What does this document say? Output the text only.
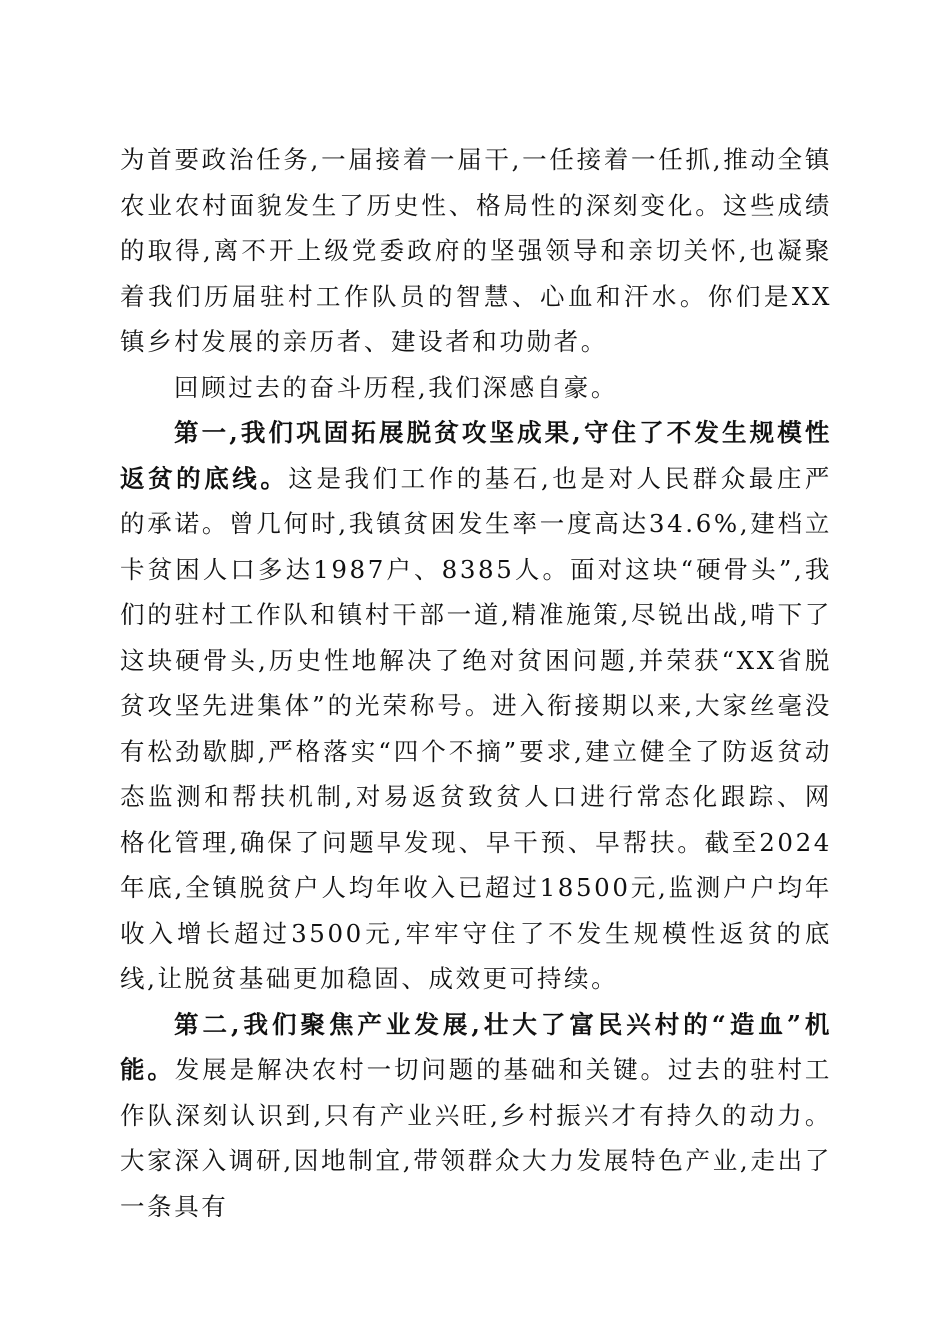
为首要政治任务,一届接着一届干,一任接着一任抓,推动全镇农业农村面貌发生了历史性、格局性的深刻变化。这些成绩的取得,离不开上级党委政府的坚强领导和亲切关怀,也凝聚着我们历届驻村工作队员的智慧、心血和汗水。你们是XX镇乡村发展的亲历者、建设者和功勋者。

回顾过去的奋斗历程,我们深感自豪。

第一,我们巩固拓展脱贫攻坚成果,守住了不发生规模性返贫的底线。这是我们工作的基石,也是对人民群众最庄严的承诺。曾几何时,我镇贫困发生率一度高达34.6%,建档立卡贫困人口多达1987户、8385人。面对这块“硬骨头”,我们的驻村工作队和镇村干部一道,精准施策,尽锐出战,啃下了这块硬骨头,历史性地解决了绝对贫困问题,并荣获“XX省脱贫攻坚先进集体”的光荣称号。进入衔接期以来,大家丝毫没有松劲歇脚,严格落实“四个不摘”要求,建立健全了防返贫动态监测和帮扶机制,对易返贫致贫人口进行常态化跟踪、网格化管理,确保了问题早发现、早干预、早帮扶。截至2024年底,全镇脱贫户人均年收入已超过18500元,监测户户均年收入增长超过3500元,牢牢守住了不发生规模性返贫的底线,让脱贫基础更加稳固、成效更可持续。

第二,我们聚焦产业发展,壮大了富民兴村的“造血”机能。发展是解决农村一切问题的基础和关键。过去的驻村工作队深刻认识到,只有产业兴旺,乡村振兴才有持久的动力。大家深入调研,因地制宜,带领群众大力发展特色产业,走出了一条具有
